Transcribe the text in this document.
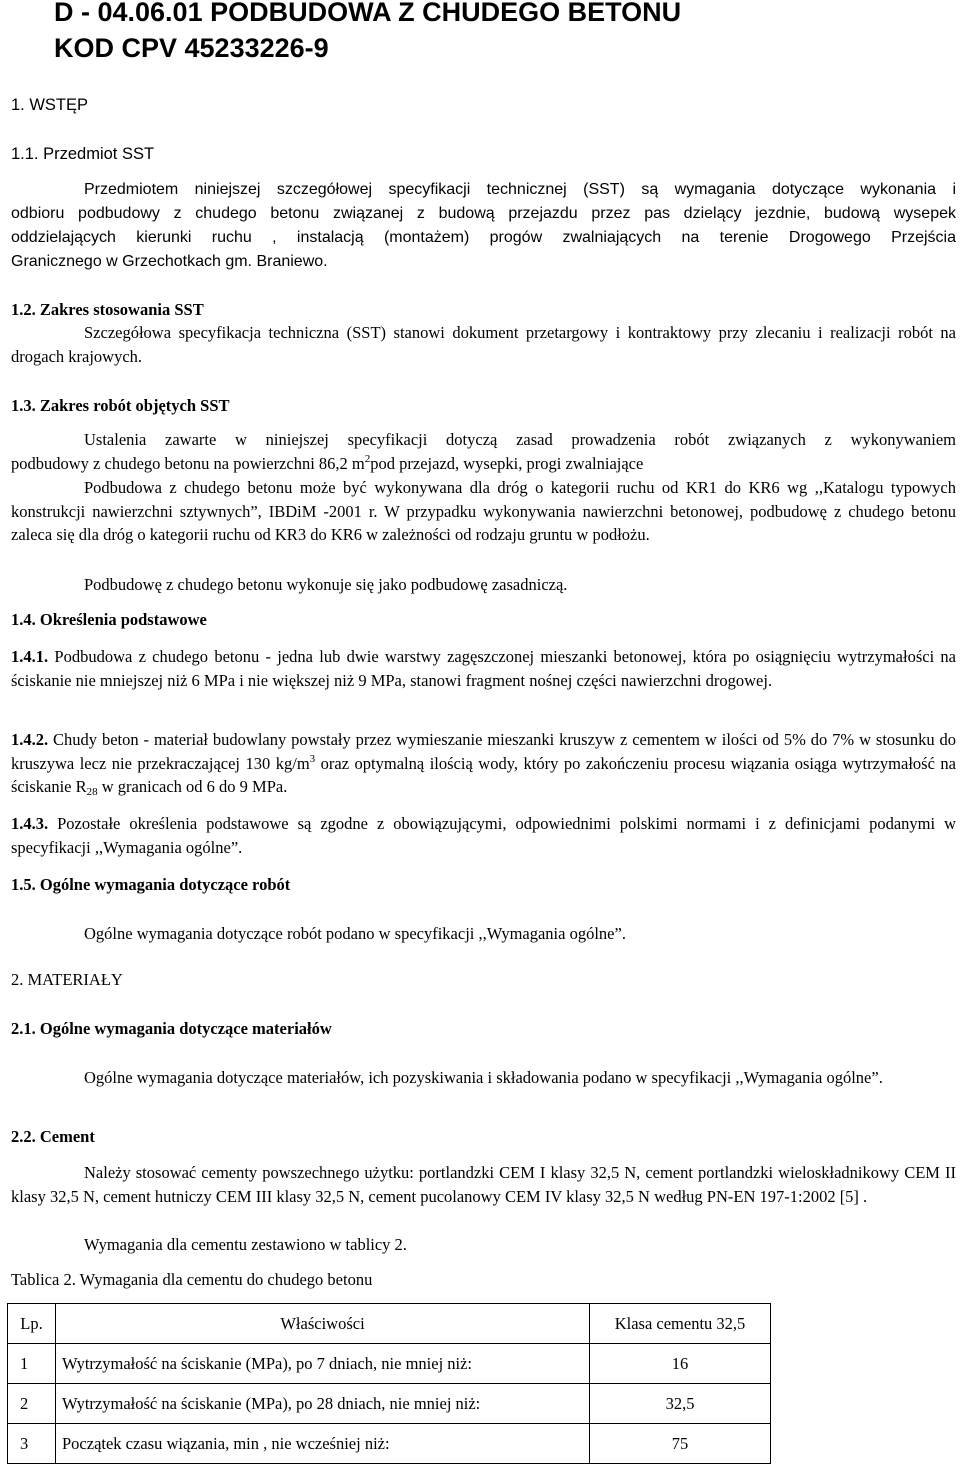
D - 04.06.01 PODBUDOWA Z CHUDEGO BETONU
KOD CPV 45233226-9
1. WSTĘP
1.1. Przedmiot SST
Przedmiotem niniejszej szczegółowej specyfikacji technicznej (SST) są wymagania dotyczące wykonania i
odbioru podbudowy z chudego betonu związanej z budową przejazdu przez pas dzielący jezdnie, budową wysepek
oddzielających kierunki ruchu , instalacją (montażem) progów zwalniających na terenie Drogowego Przejścia
Granicznego w Grzechotkach gm. Braniewo.
1.2. Zakres stosowania SST

Szczegółowa specyfikacja techniczna (SST) stanowi dokument przetargowy i kontraktowy przy zlecaniu i realizacji robót na drogach krajowych.

1.3. Zakres robót objętych SST
Ustalenia zawarte w niniejszej specyfikacji dotyczą zasad prowadzenia robót związanych z wykonywaniem
podbudowy z chudego betonu na powierzchni 86,2 $m^2pod$ przejazd, wysepki, progi zwalniające

Podbudowa z chudego betonu może być wykonywana dla dróg o kategorii ruchu od KR1 do KR6 wg ,,Katalogu typowych konstrukcji nawierzchni sztywnych”, IBDiM -2001 r. W przypadku wykonywania nawierzchni betonowej, podbudowę z chudego betonu zaleca się dla dróg o kategorii ruchu od KR3 do KR6 w zależności od rodzaju gruntu w podłożu.

Podbudowę z chudego betonu wykonuje się jako podbudowę zasadniczą.

1.4. Określenia podstawowe

1.4.1. Podbudowa z chudego betonu - jedna lub dwie warstwy zagęszczonej mieszanki betonowej, która po osiągnięciu wytrzymałości na ściskanie nie mniejszej niż 6 MPa i nie większej niż 9 MPa, stanowi fragment nośnej części nawierzchni drogowej.

1.4.2. Chudy beton - materiał budowlany powstały przez wymieszanie mieszanki kruszyw z cementem w ilości od 5% do 7% w stosunku do kruszywa lecz nie przekraczającej 130 $kg/m^3$ oraz optymalną ilością wody, który po zakończeniu procesu wiązania osiąga wytrzymałość na ściskanie $R_{28}$ w granicach od 6 do 9 MPa.

1.4.3. Pozostałe określenia podstawowe są zgodne z obowiązującymi, odpowiednimi polskimi normami i z definicjami podanymi w specyfikacji ,,Wymagania ogólne”.

1.5. Ogólne wymagania dotyczące robót

Ogólne wymagania dotyczące robót podano w specyfikacji ,,Wymagania ogólne”.

2. MATERIAŁY
2.1. Ogólne wymagania dotyczące materiałów

Ogólne wymagania dotyczące materiałów, ich pozyskiwania i składowania podano w specyfikacji ,,Wymagania ogólne”.

2.2. Cement

Należy stosować cementy powszechnego użytku: portlandzki CEM I klasy 32,5 N, cement portlandzki wieloskładnikowy CEM II klasy 32,5 N, cement hutniczy CEM III klasy 32,5 N, cement pucolanowy CEM IV klasy 32,5 N według PN-EN 197-1:2002 [5] .

Wymagania dla cementu zestawiono w tablicy 2.

Tablica 2. Wymagania dla cementu do chudego betonu
Lp.	Właściwości	Klasa cementu 32,5
1	Wytrzymałość na ściskanie (MPa), po 7 dniach, nie mniej niż:	16
2	Wytrzymałość na ściskanie (MPa), po 28 dniach, nie mniej niż:	32,5
3	Początek czasu wiązania, min , nie wcześniej niż:	75
